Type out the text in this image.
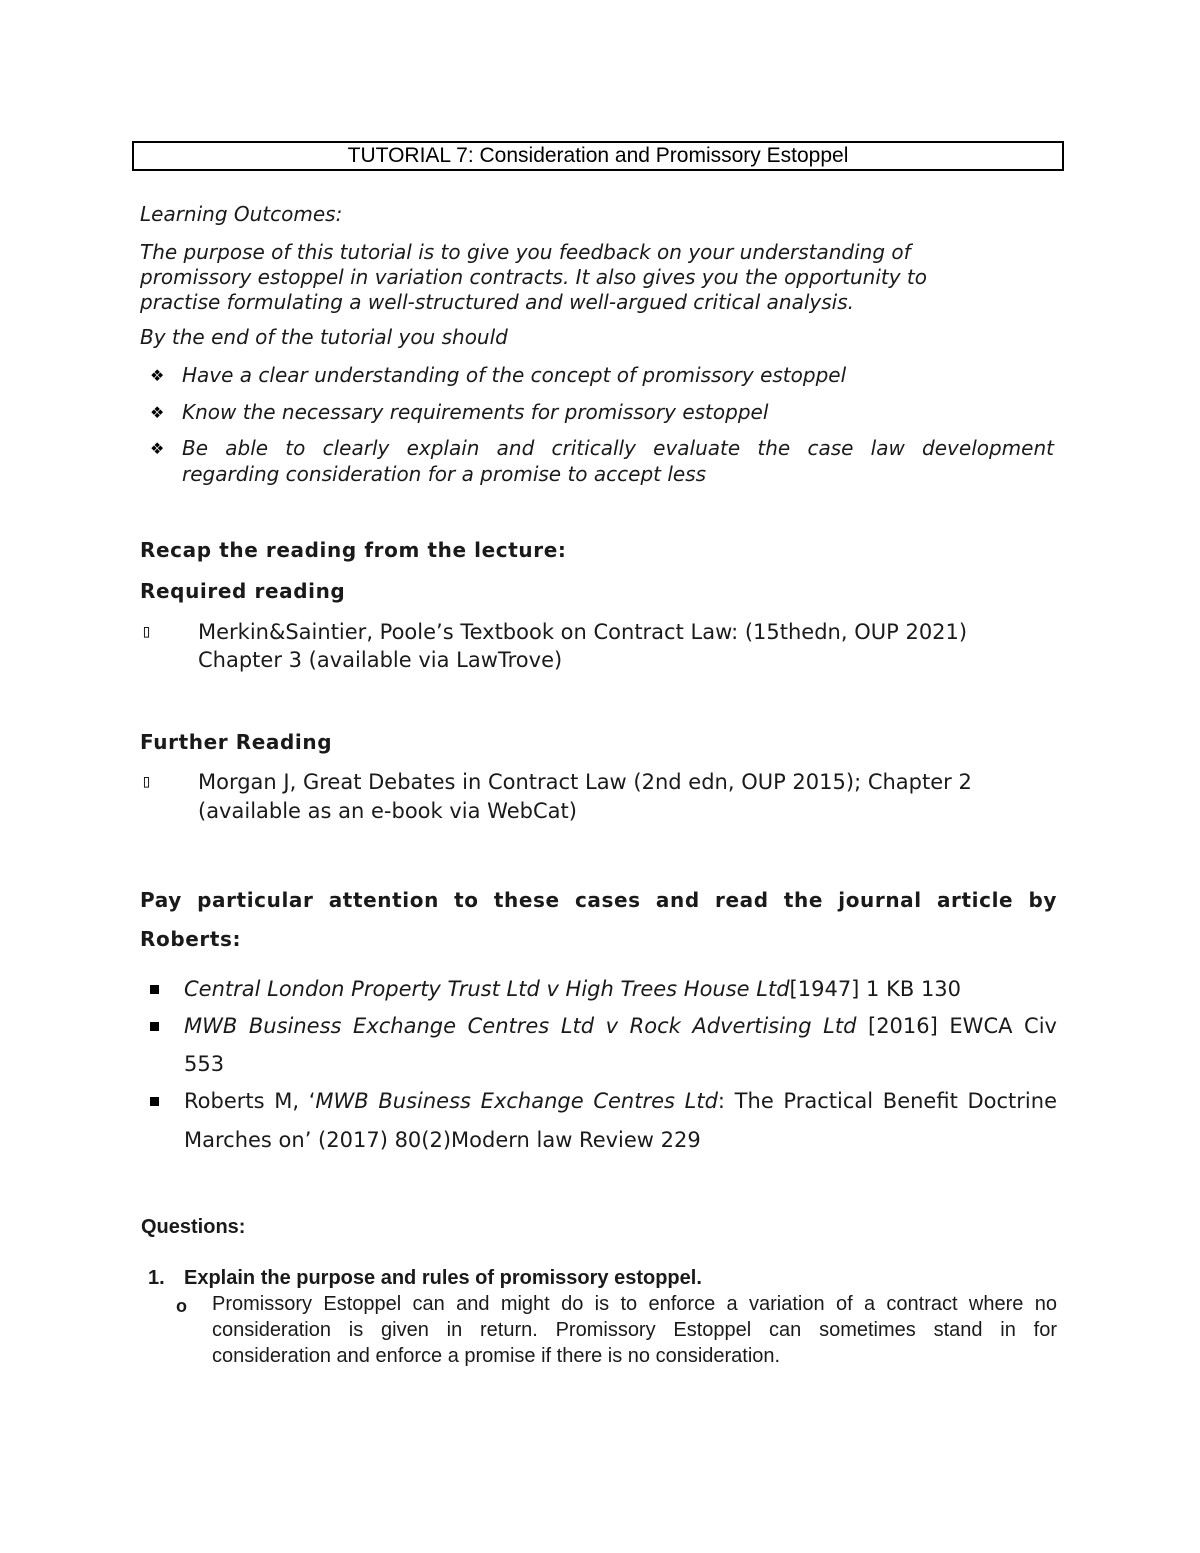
TUTORIAL 7: Consideration and Promissory Estoppel
Learning Outcomes:
The purpose of this tutorial is to give you feedback on your understanding of
promissory estoppel in variation contracts. It also gives you the opportunity to
practise formulating a well-structured and well-argued critical analysis.
By the end of the tutorial you should
❖ Have a clear understanding of the concept of promissory estoppel
❖ Know the necessary requirements for promissory estoppel
❖ Be able to clearly explain and critically evaluate the case law development
regarding consideration for a promise to accept less
Recap the reading from the lecture:
Required reading
▯ Merkin&Saintier, Poole’s Textbook on Contract Law: (15thedn, OUP 2021)
Chapter 3 (available via LawTrove)
Further Reading
▯ Morgan J, Great Debates in Contract Law (2nd edn, OUP 2015); Chapter 2
(available as an e-book via WebCat)
Pay particular attention to these cases and read the journal article by
Roberts:
Central London Property Trust Ltd v High Trees House Ltd[1947] 1 KB 130
MWB Business Exchange Centres Ltd v Rock Advertising Ltd [2016] EWCA Civ
553
Roberts M, ‘MWB Business Exchange Centres Ltd: The Practical Benefit Doctrine
Marches on’ (2017) 80(2)Modern law Review 229
Questions:
1. Explain the purpose and rules of promissory estoppel.
o Promissory Estoppel can and might do is to enforce a variation of a contract where no
consideration is given in return. Promissory Estoppel can sometimes stand in for
consideration and enforce a promise if there is no consideration.
